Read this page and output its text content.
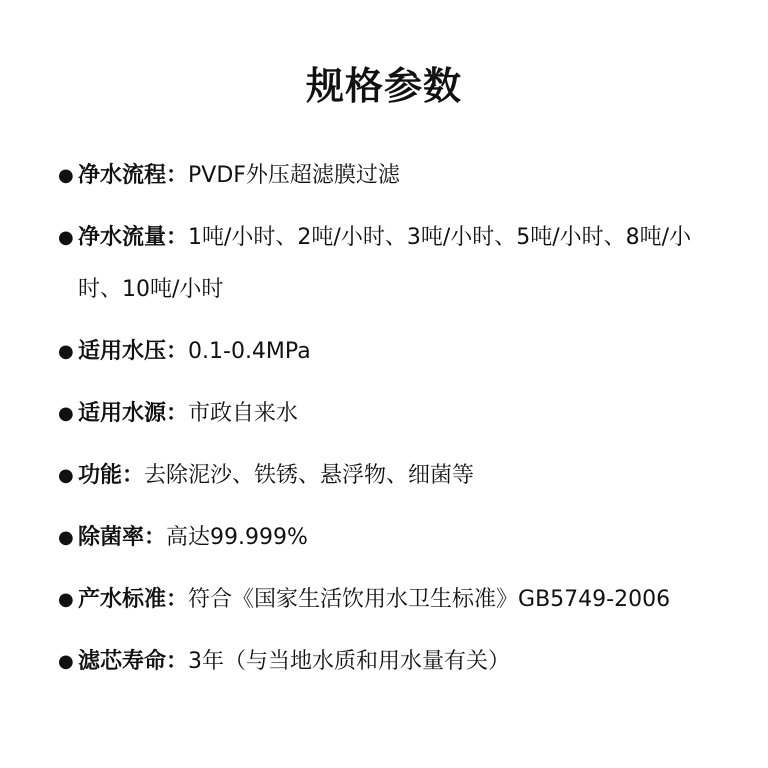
规格参数
● 净水流程：PVDF外压超滤膜过滤
● 净水流量：1吨/小时、2吨/小时、3吨/小时、5吨/小时、8吨/小时、10吨/小时
● 适用水压：0.1-0.4MPa
● 适用水源：市政自来水
● 功能：去除泥沙、铁锈、悬浮物、细菌等
● 除菌率：高达99.999%
● 产水标准：符合《国家生活饮用水卫生标准》GB5749-2006
● 滤芯寿命：3年（与当地水质和用水量有关）
